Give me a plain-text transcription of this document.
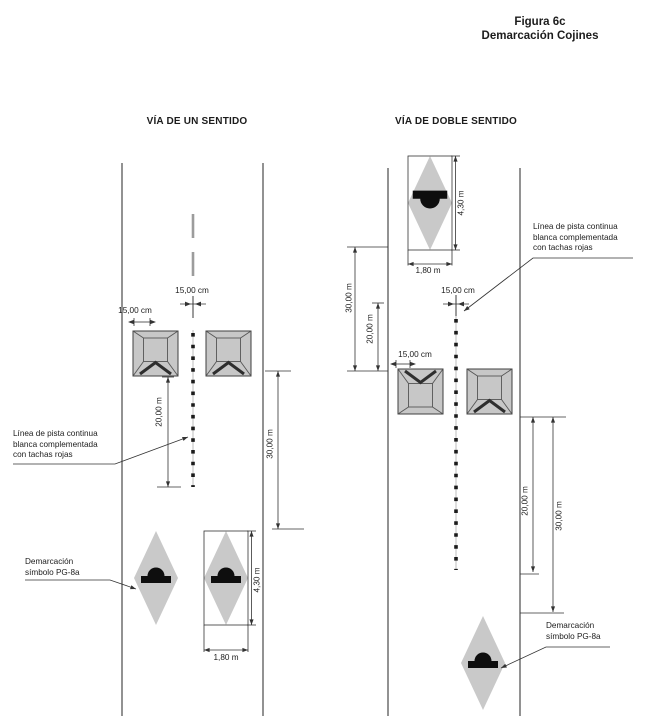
Figura 6c
Demarcación Cojines
VÍA DE UN SENTIDO	VÍA DE DOBLE SENTIDO
15,00 cm
15,00 cm
20,00 m
30,00 m
4,30 m
1,80 m
Línea de pista continua
blanca complementada
con tachas rojas
Demarcación
símbolo PG-8a
15,00 cm
15,00 cm
4,30 m
1,80 m
30,00 m
20,00 m
20,00 m
30,00 m
Línea de pista continua
blanca complementada
con tachas rojas
Demarcación
símbolo PG-8a
